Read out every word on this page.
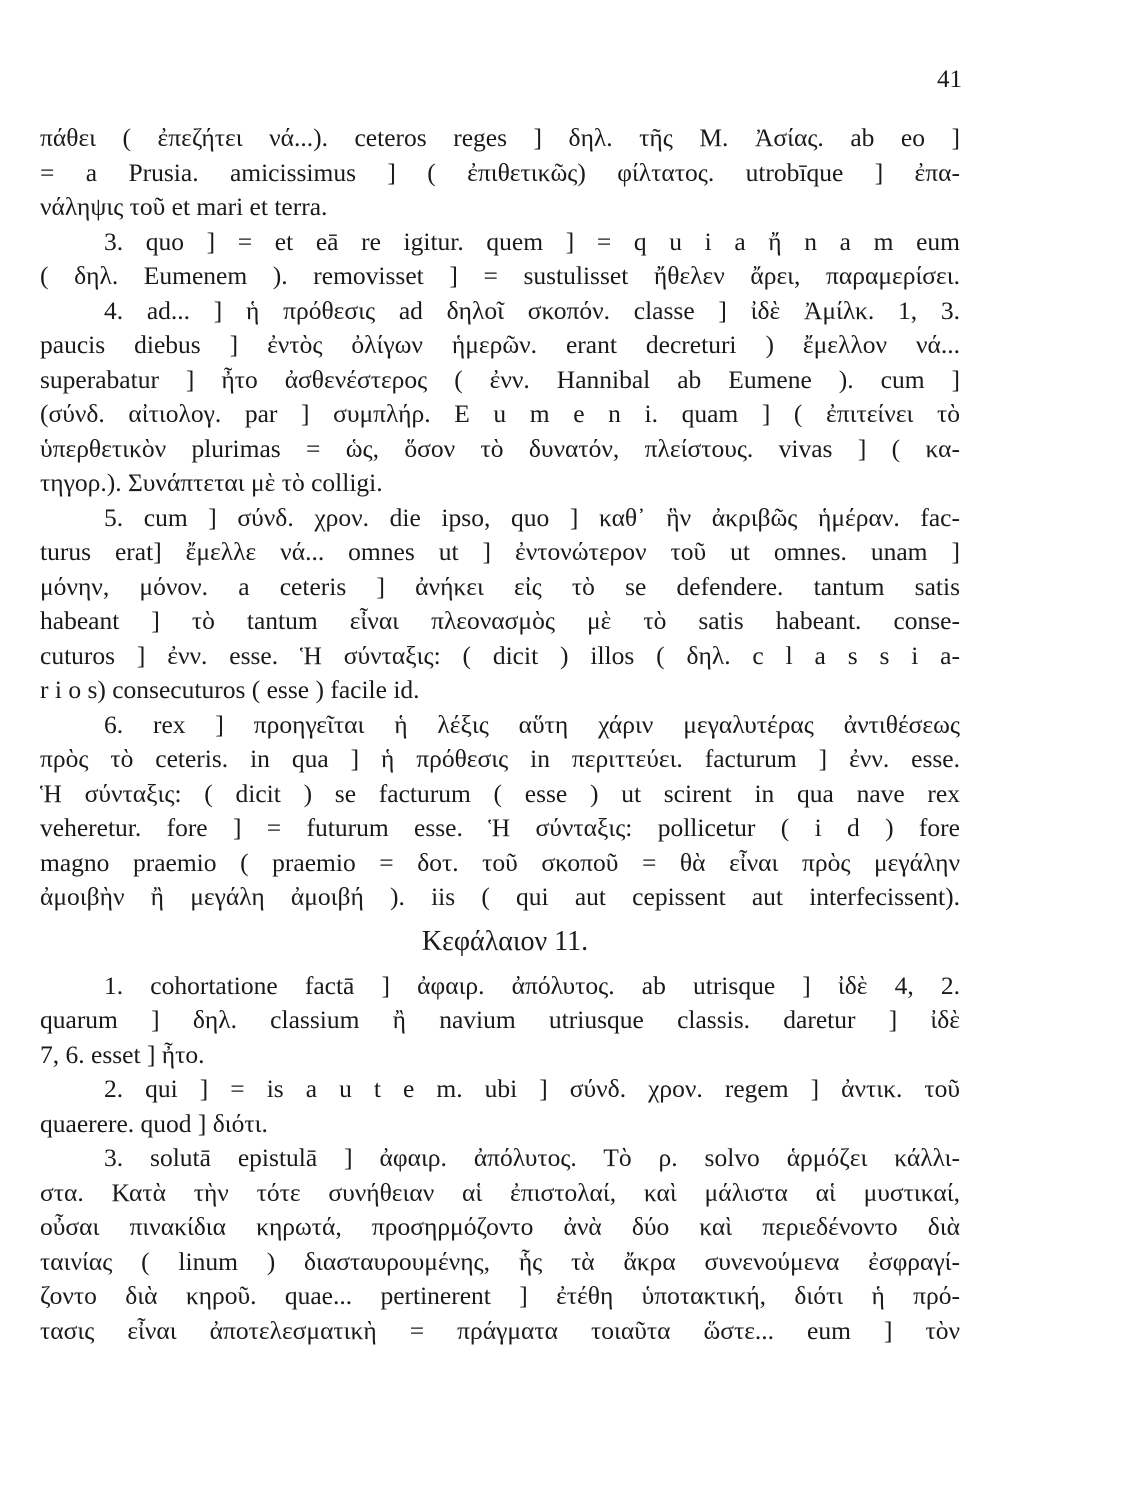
41
πάθει ( ἐπεζήτει νά...). ceteros reges ] δηλ. τῆς Μ. Ἀσίας. ab eo ]
= a Prusia. amicissimus ] ( ἐπιθετικῶς) φίλτατος. utrobīque ] ἐπα-
νάληψις τοῦ et mari et terra.
3. quo ] = et eā re igitur. quem ] = q u i a ἤ n a m eum
( δηλ. Eumenem ). removisset ] = sustulisset ἤθελεν ἄρει, παραμερίσει.
4. ad... ] ἡ πρόθεσις ad δηλοῖ σκοπόν. classe ] ἰδὲ Ἀμίλκ. 1, 3.
paucis diebus ] ἐντὸς ὀλίγων ἡμερῶν. erant decreturi ) ἔμελλον νά...
superabatur ] ἦτο ἀσθενέστερος ( ἐνν. Hannibal ab Eumene ). cum ]
(σύνδ. αἰτιολογ. par ] συμπλήρ. E u m e n i. quam ] ( ἐπιτείνει τὸ
ὑπερθετικὸν plurimas = ὡς, ὅσον τὸ δυνατόν, πλείστους. vivas ] ( κα-
τηγορ.). Συνάπτεται μὲ τὸ colligi.
5. cum ] σύνδ. χρον. die ipso, quo ] καθ᾽ ἣν ἀκριβῶς ἡμέραν. fac-
turus erat] ἔμελλε νά... omnes ut ] ἐντονώτερον τοῦ ut omnes. unam ]
μόνην, μόνον. a ceteris ] ἀνήκει εἰς τὸ se defendere. tantum satis
habeant ] τὸ tantum εἶναι πλεονασμὸς μὲ τὸ satis habeant. conse-
cuturos ] ἐνν. esse. Ἡ σύνταξις: ( dicit ) illos ( δηλ. c l a s s i a-
r i o s) consecuturos ( esse ) facile id.
6. rex ] προηγεῖται ἡ λέξις αὕτη χάριν μεγαλυτέρας ἀντιθέσεως
πρὸς τὸ ceteris. in qua ] ἡ πρόθεσις in περιττεύει. facturum ] ἐνν. esse.
Ἡ σύνταξις: ( dicit ) se facturum ( esse ) ut scirent in qua nave rex
veheretur. fore ] = futurum esse. Ἡ σύνταξις: pollicetur ( i d ) fore
magno praemio ( praemio = δοτ. τοῦ σκοποῦ = θὰ εἶναι πρὸς μεγάλην
ἀμοιβὴν ἢ μεγάλη ἀμοιβή ). iis ( qui aut cepissent aut interfecissent).
Κεφάλαιον 11.
1. cohortatione factā ] ἀφαιρ. ἀπόλυτος. ab utrisque ] ἰδὲ 4, 2.
quarum ] δηλ. classium ἢ navium utriusque classis. daretur ] ἰδὲ
7, 6. esset ] ἦτο.
2. qui ] = is a u t e m. ubi ] σύνδ. χρον. regem ] ἀντικ. τοῦ
quaerere. quod ] διότι.
3. solutā epistulā ] ἀφαιρ. ἀπόλυτος. Τὸ ρ. solvo ἁρμόζει κάλλι-
στα. Κατὰ τὴν τότε συνήθειαν αἱ ἐπιστολαί, καὶ μάλιστα αἱ μυστικαί,
οὖσαι πινακίδια κηρωτά, προσηρμόζοντο ἀνὰ δύο καὶ περιεδένοντο διὰ
ταινίας ( linum ) διασταυρουμένης, ἧς τὰ ἄκρα συνενούμενα ἐσφραγί-
ζοντο διὰ κηροῦ. quae... pertinerent ] ἐτέθη ὑποτακτική, διότι ἡ πρό-
τασις εἶναι ἀποτελεσματικὴ = πράγματα τοιαῦτα ὥστε... eum ] τὸν
